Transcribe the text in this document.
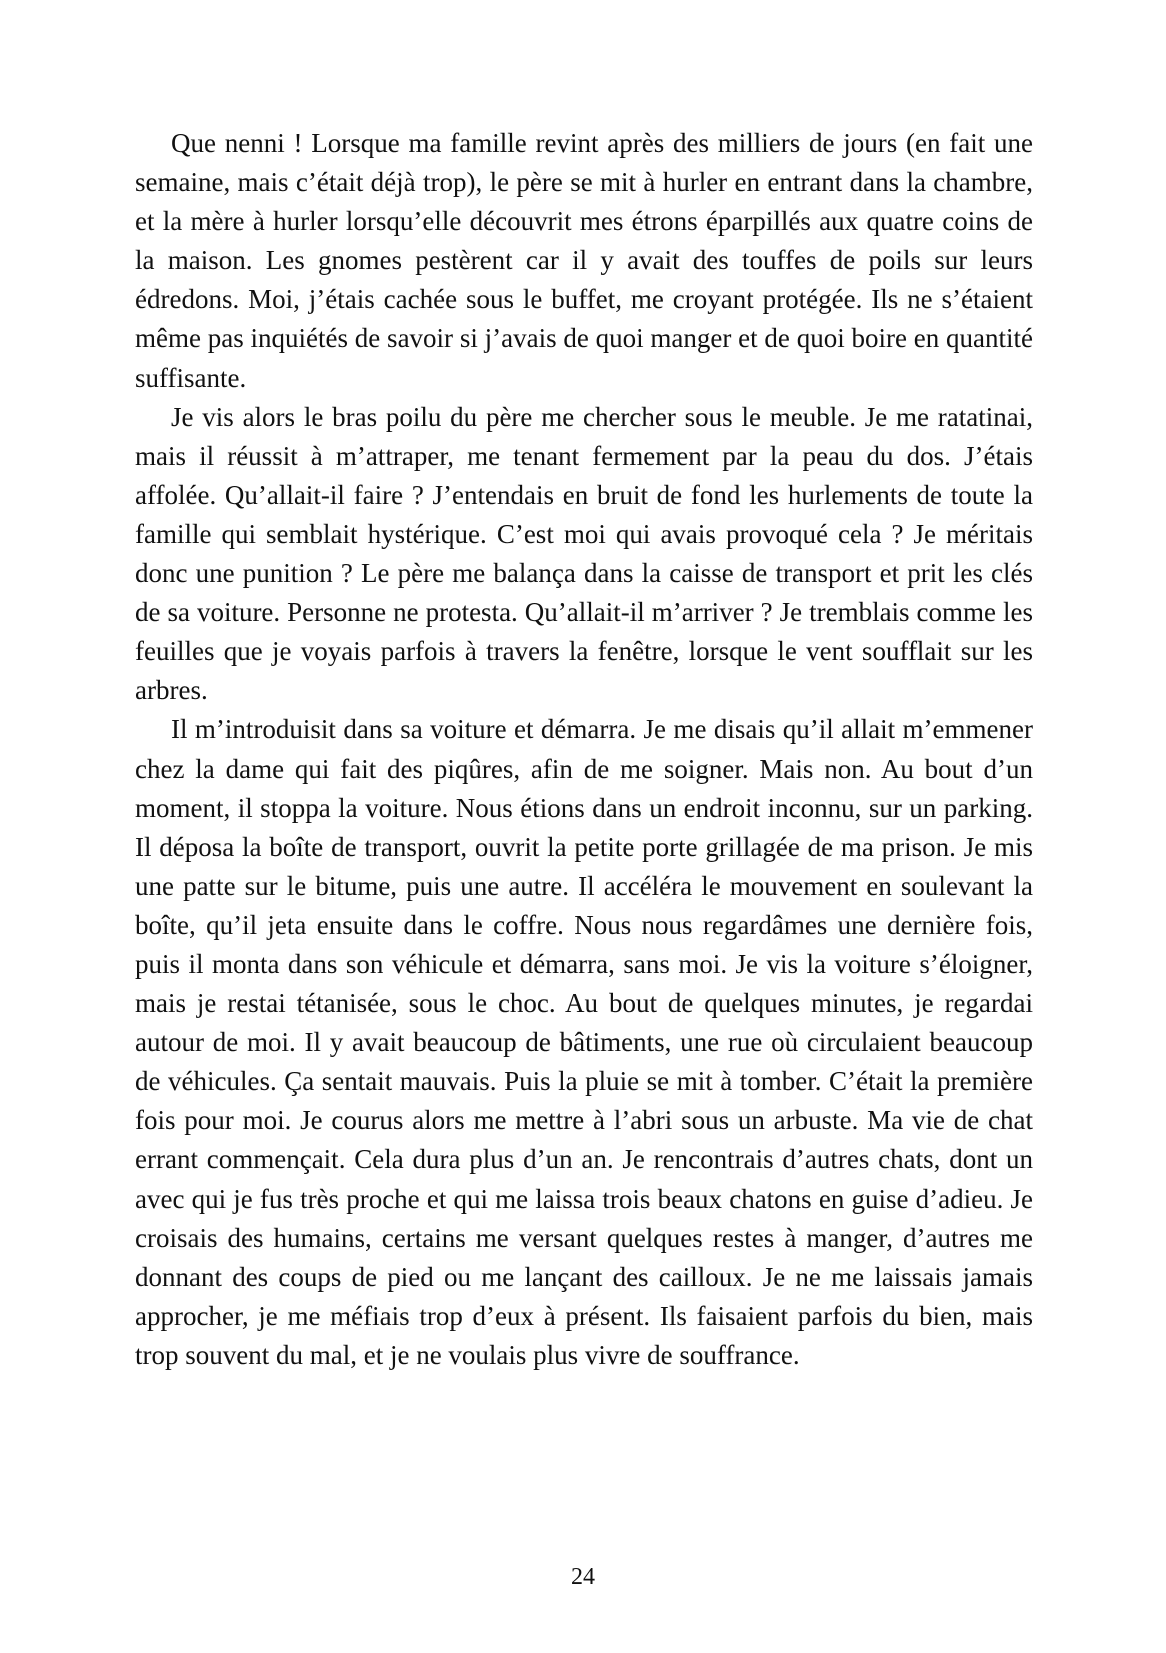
Que nenni ! Lorsque ma famille revint après des milliers de jours (en fait une semaine, mais c’était déjà trop), le père se mit à hurler en entrant dans la chambre, et la mère à hurler lorsqu’elle découvrit mes étrons éparpillés aux quatre coins de la maison. Les gnomes pestèrent car il y avait des touffes de poils sur leurs édredons. Moi, j’étais cachée sous le buffet, me croyant protégée. Ils ne s’étaient même pas inquiétés de savoir si j’avais de quoi manger et de quoi boire en quantité suffisante.

Je vis alors le bras poilu du père me chercher sous le meuble. Je me ratatinai, mais il réussit à m’attraper, me tenant fermement par la peau du dos. J’étais affolée. Qu’allait-il faire ? J’entendais en bruit de fond les hurlements de toute la famille qui semblait hystérique. C’est moi qui avais provoqué cela ? Je méritais donc une punition ? Le père me balança dans la caisse de transport et prit les clés de sa voiture. Personne ne protesta. Qu’allait-il m’arriver ? Je tremblais comme les feuilles que je voyais parfois à travers la fenêtre, lorsque le vent soufflait sur les arbres.

Il m’introduisit dans sa voiture et démarra. Je me disais qu’il allait m’emmener chez la dame qui fait des piqûres, afin de me soigner. Mais non. Au bout d’un moment, il stoppa la voiture. Nous étions dans un endroit inconnu, sur un parking. Il déposa la boîte de transport, ouvrit la petite porte grillagée de ma prison. Je mis une patte sur le bitume, puis une autre. Il accéléra le mouvement en soulevant la boîte, qu’il jeta ensuite dans le coffre. Nous nous regardâmes une dernière fois, puis il monta dans son véhicule et démarra, sans moi. Je vis la voiture s’éloigner, mais je restai tétanisée, sous le choc. Au bout de quelques minutes, je regardai autour de moi. Il y avait beaucoup de bâtiments, une rue où circulaient beaucoup de véhicules. Ça sentait mauvais. Puis la pluie se mit à tomber. C’était la première fois pour moi. Je courus alors me mettre à l’abri sous un arbuste. Ma vie de chat errant commençait. Cela dura plus d’un an. Je rencontrais d’autres chats, dont un avec qui je fus très proche et qui me laissa trois beaux chatons en guise d’adieu. Je croisais des humains, certains me versant quelques restes à manger, d’autres me donnant des coups de pied ou me lançant des cailloux. Je ne me laissais jamais approcher, je me méfiais trop d’eux à présent. Ils faisaient parfois du bien, mais trop souvent du mal, et je ne voulais plus vivre de souffrance.

24
